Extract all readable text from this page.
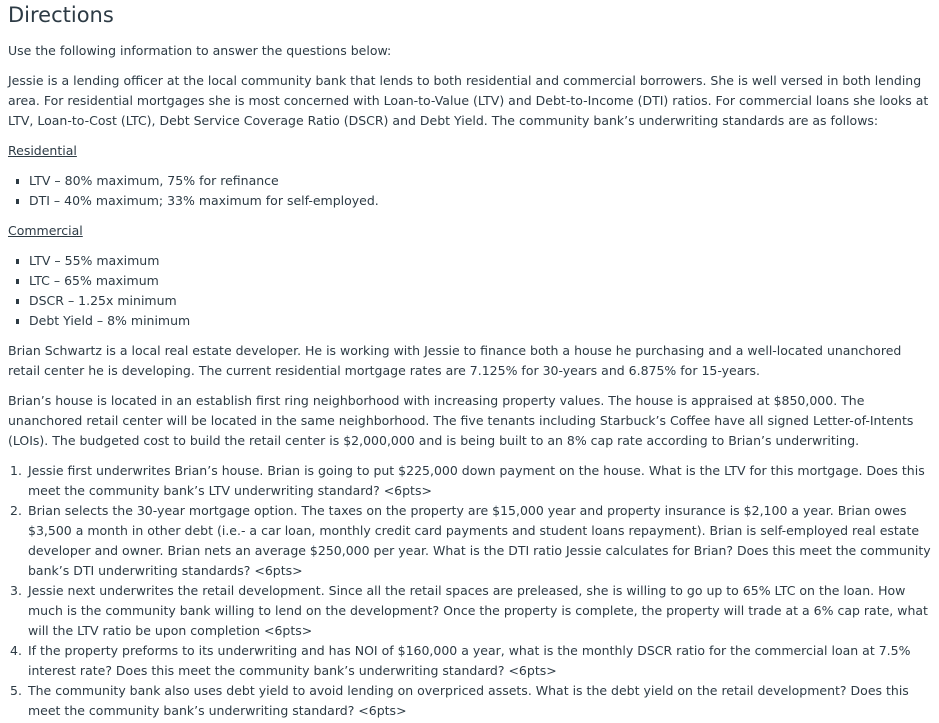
Directions

Use the following information to answer the questions below:

Jessie is a lending officer at the local community bank that lends to both residential and commercial borrowers. She is well versed in both lending area. For residential mortgages she is most concerned with Loan-to-Value (LTV) and Debt-to-Income (DTI) ratios. For commercial loans she looks at LTV, Loan-to-Cost (LTC), Debt Service Coverage Ratio (DSCR) and Debt Yield. The community bank’s underwriting standards are as follows:

Residential
LTV – 80% maximum, 75% for refinance
DTI – 40% maximum; 33% maximum for self-employed.
Commercial
LTV – 55% maximum
LTC – 65% maximum
DSCR – 1.25x minimum
Debt Yield – 8% minimum

Brian Schwartz is a local real estate developer. He is working with Jessie to finance both a house he purchasing and a well-located unanchored retail center he is developing. The current residential mortgage rates are 7.125% for 30-years and 6.875% for 15-years.

Brian’s house is located in an establish first ring neighborhood with increasing property values. The house is appraised at $850,000. The unanchored retail center will be located in the same neighborhood. The five tenants including Starbuck’s Coffee have all signed Letter-of-Intents (LOIs). The budgeted cost to build the retail center is $2,000,000 and is being built to an 8% cap rate according to Brian’s underwriting.

1. Jessie first underwrites Brian’s house. Brian is going to put $225,000 down payment on the house. What is the LTV for this mortgage. Does this meet the community bank’s LTV underwriting standard? <6pts>
2. Brian selects the 30-year mortgage option. The taxes on the property are $15,000 year and property insurance is $2,100 a year. Brian owes $3,500 a month in other debt (i.e.- a car loan, monthly credit card payments and student loans repayment). Brian is self-employed real estate developer and owner. Brian nets an average $250,000 per year. What is the DTI ratio Jessie calculates for Brian? Does this meet the community bank’s DTI underwriting standards? <6pts>
3. Jessie next underwrites the retail development. Since all the retail spaces are preleased, she is willing to go up to 65% LTC on the loan. How much is the community bank willing to lend on the development? Once the property is complete, the property will trade at a 6% cap rate, what will the LTV ratio be upon completion <6pts>
4. If the property preforms to its underwriting and has NOI of $160,000 a year, what is the monthly DSCR ratio for the commercial loan at 7.5% interest rate? Does this meet the community bank’s underwriting standard? <6pts>
5. The community bank also uses debt yield to avoid lending on overpriced assets. What is the debt yield on the retail development? Does this meet the community bank’s underwriting standard? <6pts>
